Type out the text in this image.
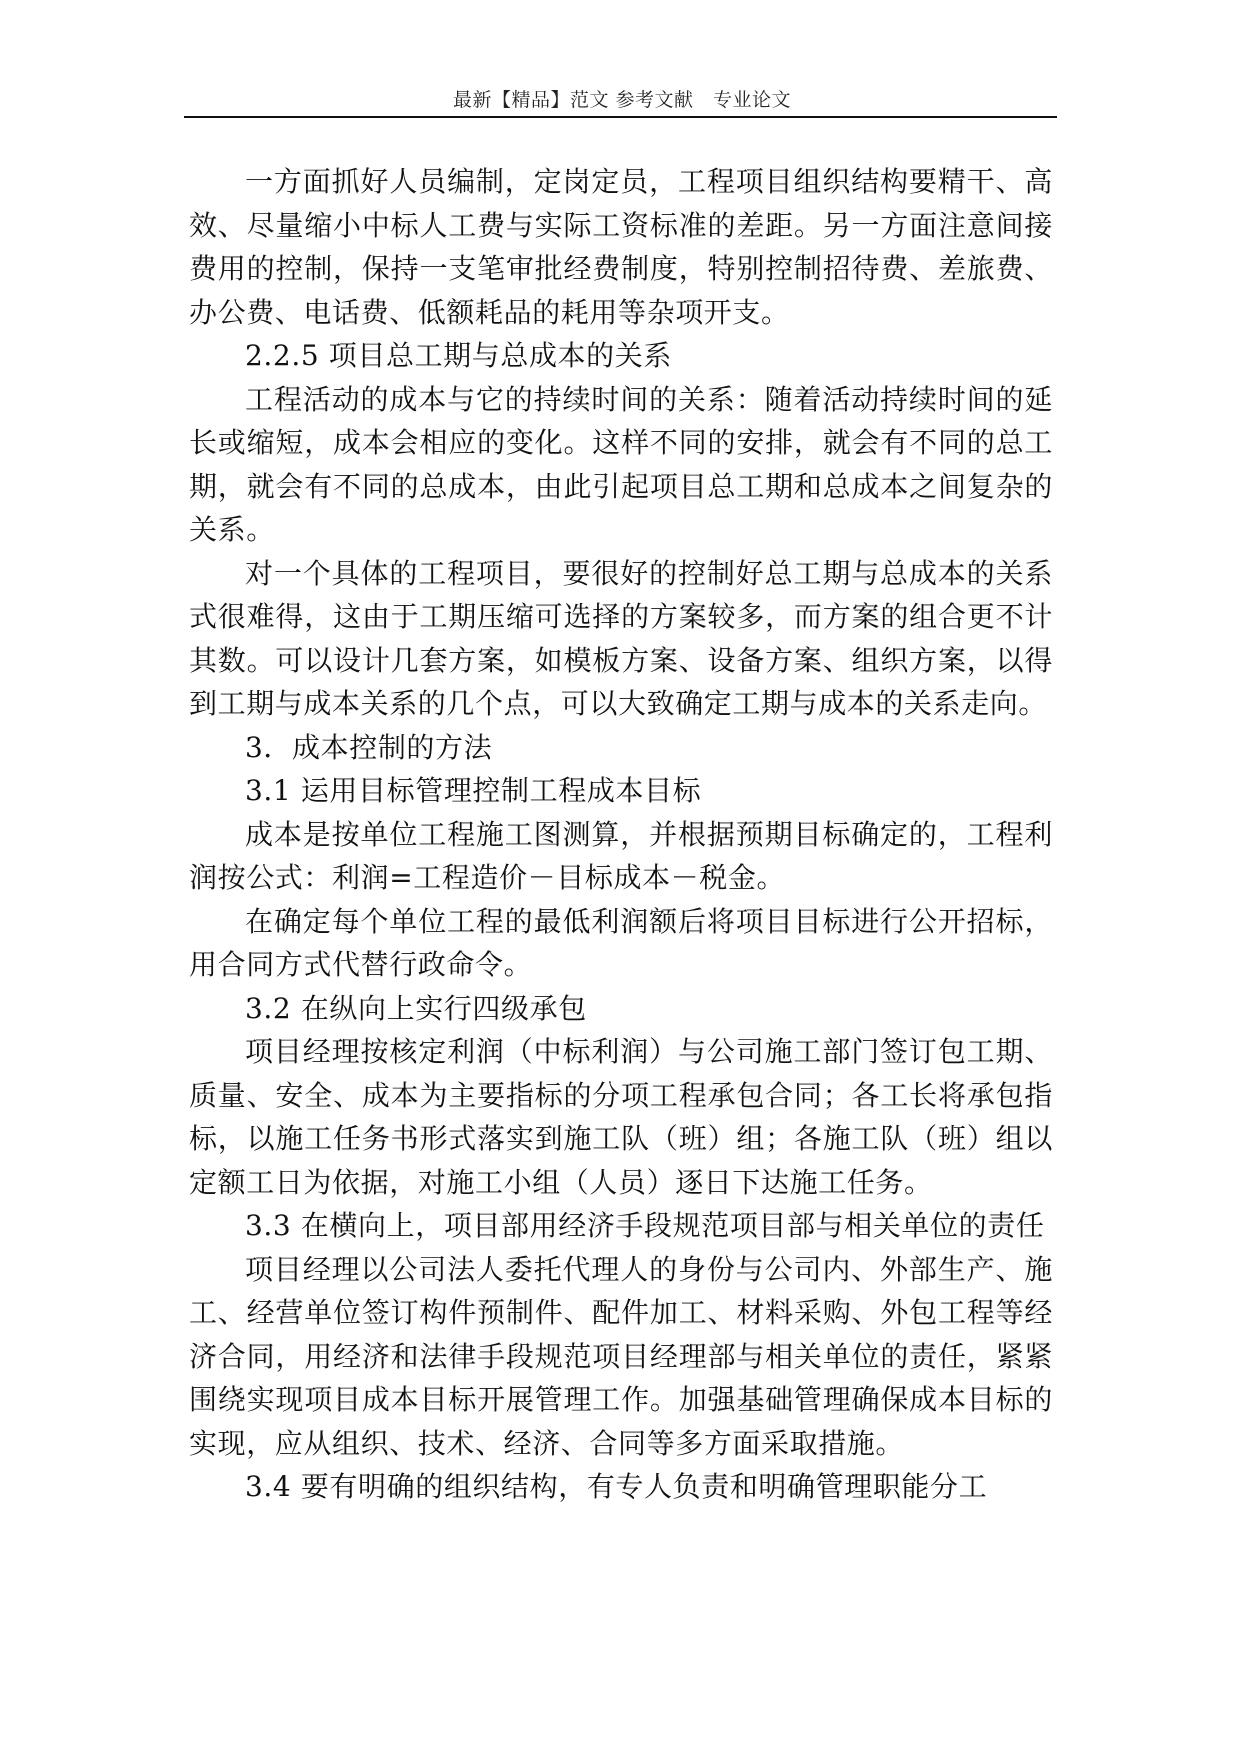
最新【精品】范文 参考文献　专业论文

一方面抓好人员编制，定岗定员，工程项目组织结构要精干、高效、尽量缩小中标人工费与实际工资标准的差距。另一方面注意间接费用的控制，保持一支笔审批经费制度，特别控制招待费、差旅费、办公费、电话费、低额耗品的耗用等杂项开支。

2.2.5 项目总工期与总成本的关系

工程活动的成本与它的持续时间的关系：随着活动持续时间的延长或缩短，成本会相应的变化。这样不同的安排，就会有不同的总工期，就会有不同的总成本，由此引起项目总工期和总成本之间复杂的关系。

对一个具体的工程项目，要很好的控制好总工期与总成本的关系式很难得，这由于工期压缩可选择的方案较多，而方案的组合更不计其数。可以设计几套方案，如模板方案、设备方案、组织方案，以得到工期与成本关系的几个点，可以大致确定工期与成本的关系走向。

3．成本控制的方法

3.1 运用目标管理控制工程成本目标

成本是按单位工程施工图测算，并根据预期目标确定的，工程利润按公式：利润=工程造价－目标成本－税金。

在确定每个单位工程的最低利润额后将项目目标进行公开招标，用合同方式代替行政命令。

3.2 在纵向上实行四级承包

项目经理按核定利润（中标利润）与公司施工部门签订包工期、质量、安全、成本为主要指标的分项工程承包合同；各工长将承包指标，以施工任务书形式落实到施工队（班）组；各施工队（班）组以定额工日为依据，对施工小组（人员）逐日下达施工任务。

3.3 在横向上，项目部用经济手段规范项目部与相关单位的责任

项目经理以公司法人委托代理人的身份与公司内、外部生产、施工、经营单位签订构件预制件、配件加工、材料采购、外包工程等经济合同，用经济和法律手段规范项目经理部与相关单位的责任，紧紧围绕实现项目成本目标开展管理工作。加强基础管理确保成本目标的实现，应从组织、技术、经济、合同等多方面采取措施。

3.4 要有明确的组织结构，有专人负责和明确管理职能分工
